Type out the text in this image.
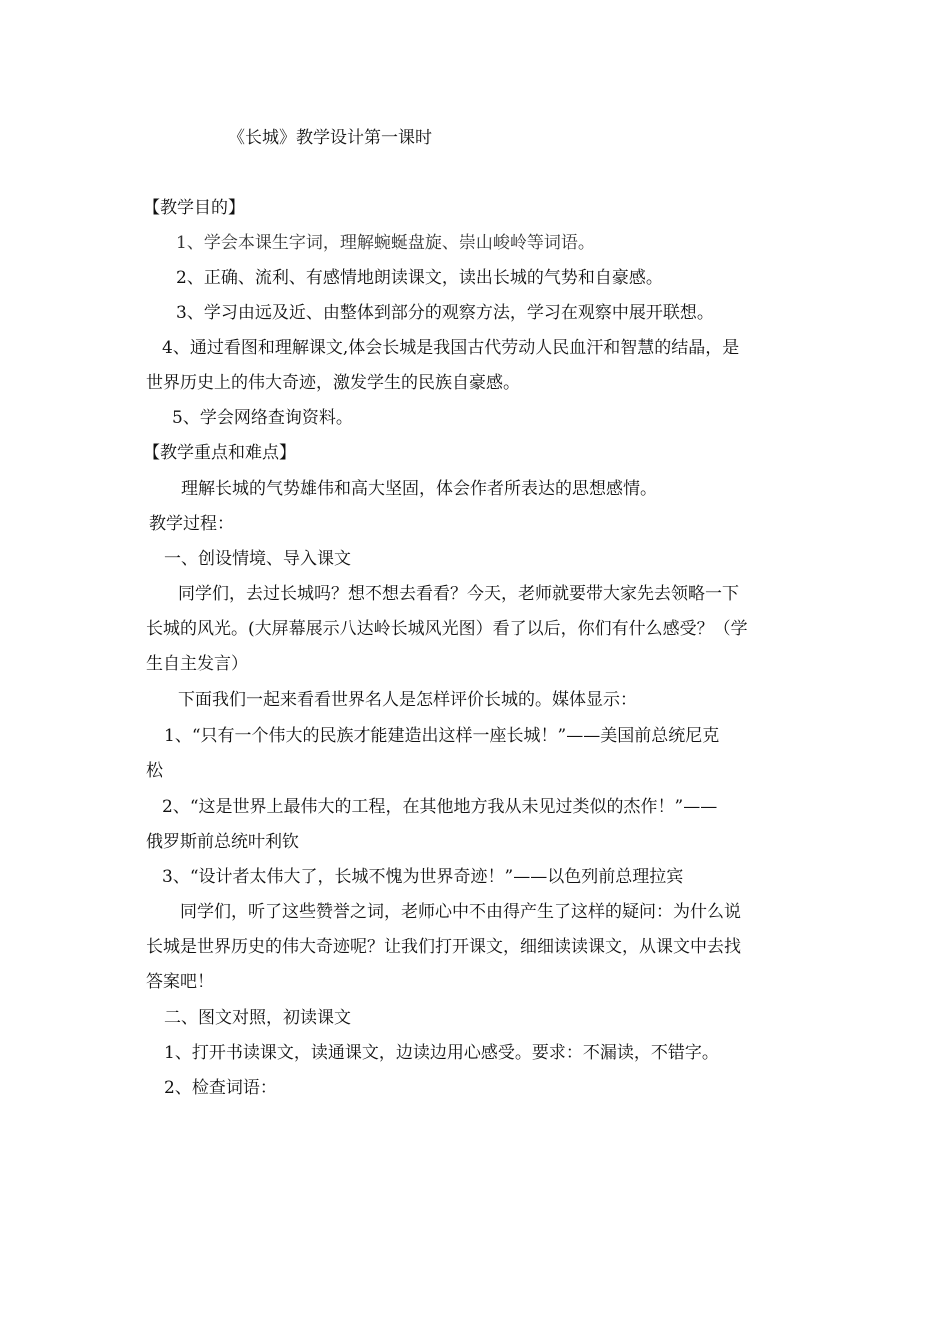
《长城》教学设计第一课时
【教学目的】
1、学会本课生字词，理解蜿蜒盘旋、崇山峻岭等词语。
2、正确、流利、有感情地朗读课文，读出长城的气势和自豪感。
3、学习由远及近、由整体到部分的观察方法，学习在观察中展开联想。
4、通过看图和理解课文,体会长城是我国古代劳动人民血汗和智慧的结晶，是
世界历史上的伟大奇迹，激发学生的民族自豪感。
5、学会网络查询资料。
【教学重点和难点】
理解长城的气势雄伟和高大坚固，体会作者所表达的思想感情。
教学过程：
一、创设情境、导入课文
同学们，去过长城吗？想不想去看看？今天，老师就要带大家先去领略一下
长城的风光。(大屏幕展示八达岭长城风光图）看了以后，你们有什么感受？（学
生自主发言）
下面我们一起来看看世界名人是怎样评价长城的。媒体显示：
1、“只有一个伟大的民族才能建造出这样一座长城！”——美国前总统尼克
松
2、“这是世界上最伟大的工程，在其他地方我从未见过类似的杰作！”——
俄罗斯前总统叶利钦
3、“设计者太伟大了，长城不愧为世界奇迹！”——以色列前总理拉宾
同学们，听了这些赞誉之词，老师心中不由得产生了这样的疑问：为什么说
长城是世界历史的伟大奇迹呢？让我们打开课文，细细读读课文，从课文中去找
答案吧！
二、图文对照，初读课文
1、打开书读课文，读通课文，边读边用心感受。要求：不漏读，不错字。
2、检查词语：
